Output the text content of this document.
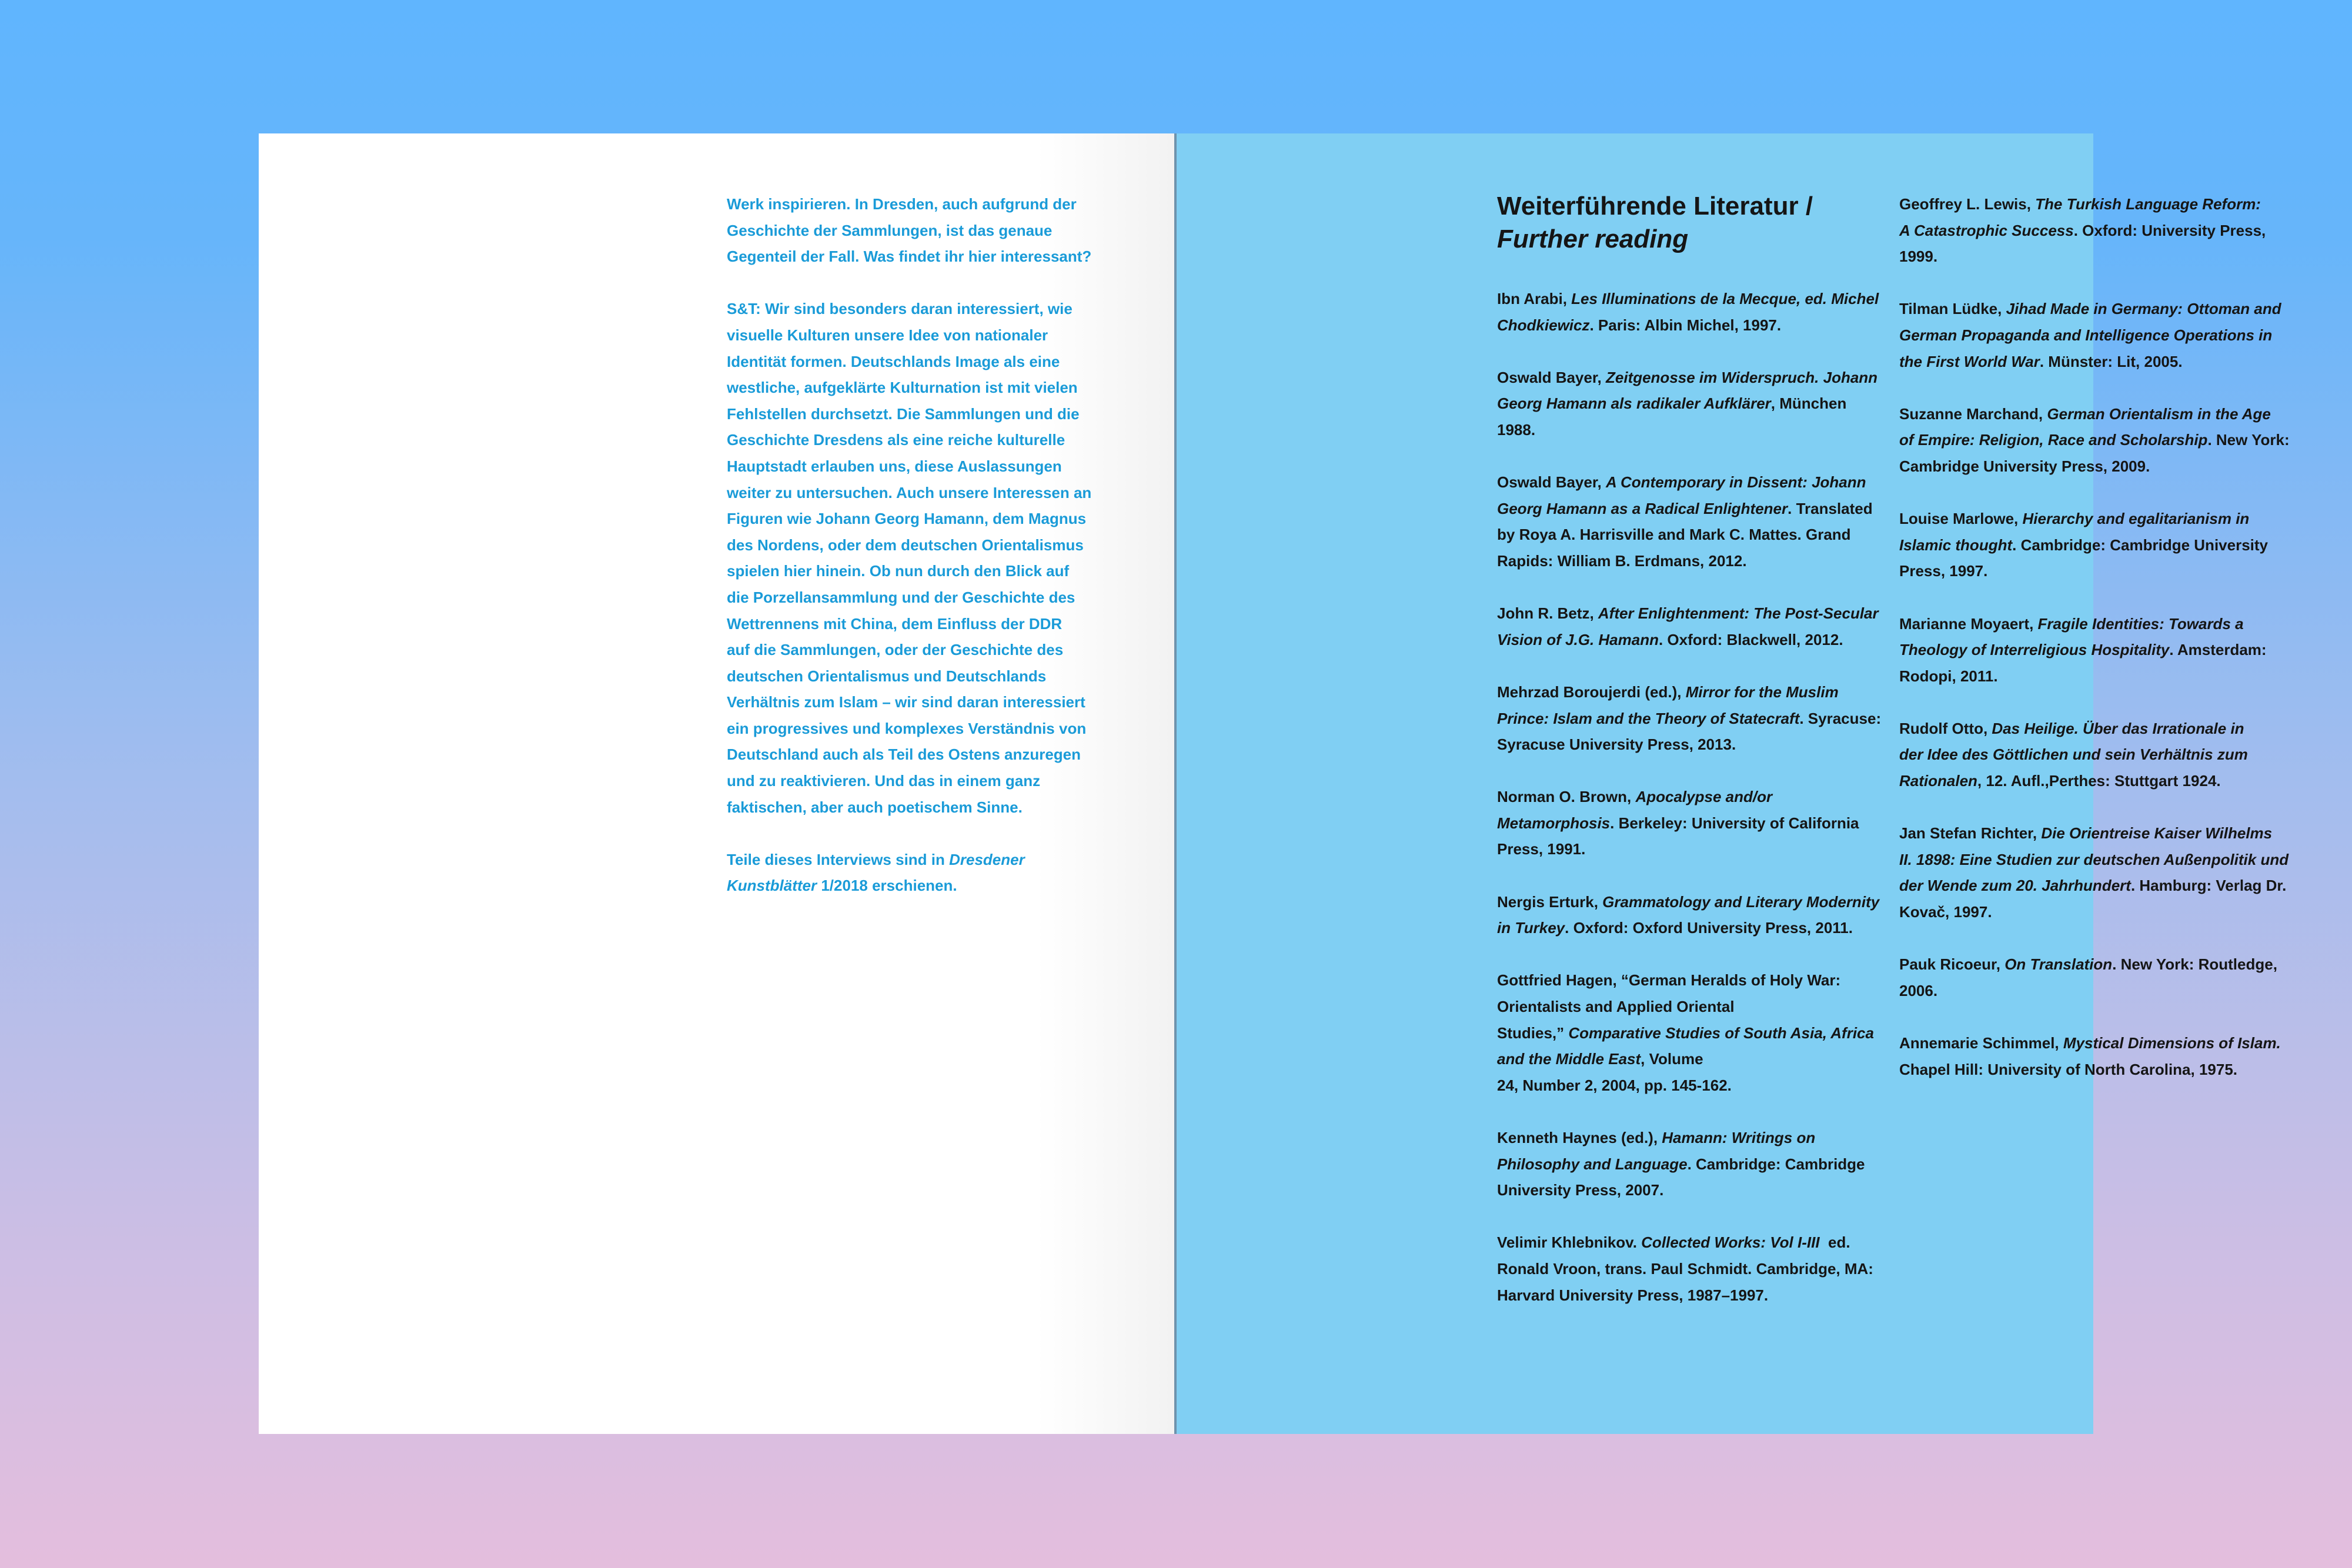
Werk inspirieren. In Dresden, auch aufgrund der
Geschichte der Sammlungen, ist das genaue
Gegenteil der Fall. Was findet ihr hier interessant?

S&T: Wir sind besonders daran interessiert, wie
visuelle Kulturen unsere Idee von nationaler
Identität formen. Deutschlands Image als eine
westliche, aufgeklärte Kulturnation ist mit vielen
Fehlstellen durchsetzt. Die Sammlungen und die
Geschichte Dresdens als eine reiche kulturelle
Hauptstadt erlauben uns, diese Auslassungen
weiter zu untersuchen. Auch unsere Interessen an
Figuren wie Johann Georg Hamann, dem Magnus
des Nordens, oder dem deutschen Orientalismus
spielen hier hinein. Ob nun durch den Blick auf
die Porzellansammlung und der Geschichte des
Wettrennens mit China, dem Einfluss der DDR
auf die Sammlungen, oder der Geschichte des
deutschen Orientalismus und Deutschlands
Verhältnis zum Islam – wir sind daran interessiert
ein progressives und komplexes Verständnis von
Deutschland auch als Teil des Ostens anzuregen
und zu reaktivieren. Und das in einem ganz
faktischen, aber auch poetischem Sinne.

Teile dieses Interviews sind in Dresdener
Kunstblätter 1/2018 erschienen.

Weiterführende Literatur /
Further reading
Ibn Arabi, Les Illuminations de la Mecque, ed. Michel
Chodkiewicz. Paris: Albin Michel, 1997.
Oswald Bayer, Zeitgenosse im Widerspruch. Johann
Georg Hamann als radikaler Aufklärer, München
1988.
Oswald Bayer, A Contemporary in Dissent: Johann
Georg Hamann as a Radical Enlightener. Translated
by Roya A. Harrisville and Mark C. Mattes. Grand
Rapids: William B. Erdmans, 2012.
John R. Betz, After Enlightenment: The Post-Secular
Vision of J.G. Hamann. Oxford: Blackwell, 2012.
Mehrzad Boroujerdi (ed.), Mirror for the Muslim
Prince: Islam and the Theory of Statecraft. Syracuse:
Syracuse University Press, 2013.
Norman O. Brown, Apocalypse and/or
Metamorphosis. Berkeley: University of California
Press, 1991.
Nergis Erturk, Grammatology and Literary Modernity
in Turkey. Oxford: Oxford University Press, 2011.
Gottfried Hagen, “German Heralds of Holy War:
Orientalists and Applied Oriental
Studies,” Comparative Studies of South Asia, Africa
and the Middle East, Volume
24, Number 2, 2004, pp. 145-162.
Kenneth Haynes (ed.), Hamann: Writings on
Philosophy and Language. Cambridge: Cambridge
University Press, 2007.
Velimir Khlebnikov. Collected Works: Vol I-III  ed.
Ronald Vroon, trans. Paul Schmidt. Cambridge, MA:
Harvard University Press, 1987–1997.
Geoffrey L. Lewis, The Turkish Language Reform:
A Catastrophic Success. Oxford: University Press,
1999.
Tilman Lüdke, Jihad Made in Germany: Ottoman and
German Propaganda and Intelligence Operations in
the First World War. Münster: Lit, 2005.
Suzanne Marchand, German Orientalism in the Age
of Empire: Religion, Race and Scholarship. New York:
Cambridge University Press, 2009.
Louise Marlowe, Hierarchy and egalitarianism in
Islamic thought. Cambridge: Cambridge University
Press, 1997.
Marianne Moyaert, Fragile Identities: Towards a
Theology of Interreligious Hospitality. Amsterdam:
Rodopi, 2011.
Rudolf Otto, Das Heilige. Über das Irrationale in
der Idee des Göttlichen und sein Verhältnis zum
Rationalen, 12. Aufl.,Perthes: Stuttgart 1924.
Jan Stefan Richter, Die Orientreise Kaiser Wilhelms
II. 1898: Eine Studien zur deutschen Außenpolitik und
der Wende zum 20. Jahrhundert. Hamburg: Verlag Dr.
Kovač, 1997.
Pauk Ricoeur, On Translation. New York: Routledge,
2006.
Annemarie Schimmel, Mystical Dimensions of Islam.
Chapel Hill: University of North Carolina, 1975.
